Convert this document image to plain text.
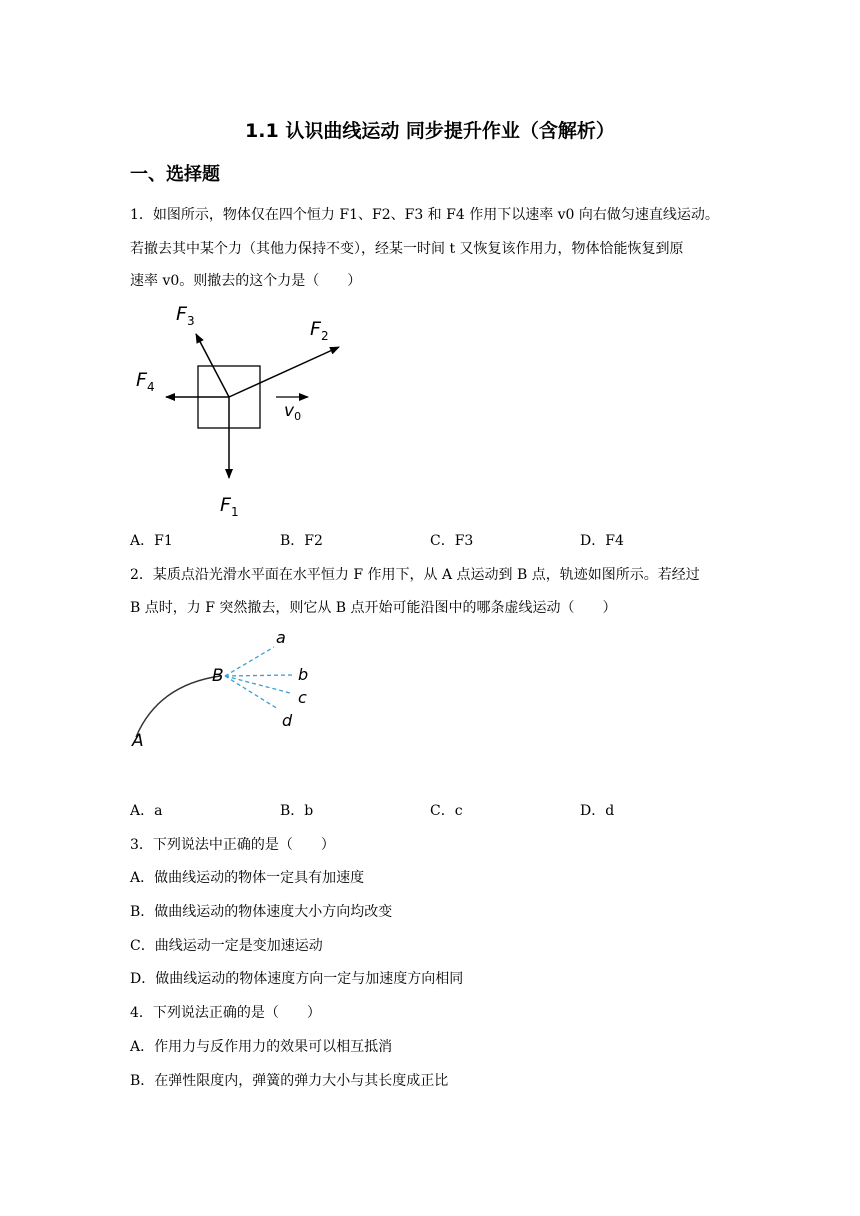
1.1 认识曲线运动 同步提升作业（含解析）
一、选择题
1．如图所示，物体仅在四个恒力 F1、F2、F3 和 F4 作用下以速率 v0 向右做匀速直线运动。
若撤去其中某个力（其他力保持不变），经某一时间 t 又恢复该作用力，物体恰能恢复到原
速率 v0。则撤去的这个力是（　　）
$F_1$
$F_2$
$F_3$
$F_4$
$v_0$
A．F1	B．F2	C．F3	D．F4
2．某质点沿光滑水平面在水平恒力 F 作用下，从 A 点运动到 B 点，轨迹如图所示。若经过
B 点时，力 F 突然撤去，则它从 B 点开始可能沿图中的哪条虚线运动（　　）
A
B
a
b
c
d
A．a	B．b	C．c	D．d
3．下列说法中正确的是（　　）
A．做曲线运动的物体一定具有加速度
B．做曲线运动的物体速度大小方向均改变
C．曲线运动一定是变加速运动
D．做曲线运动的物体速度方向一定与加速度方向相同
4．下列说法正确的是（　　）
A．作用力与反作用力的效果可以相互抵消
B．在弹性限度内，弹簧的弹力大小与其长度成正比
